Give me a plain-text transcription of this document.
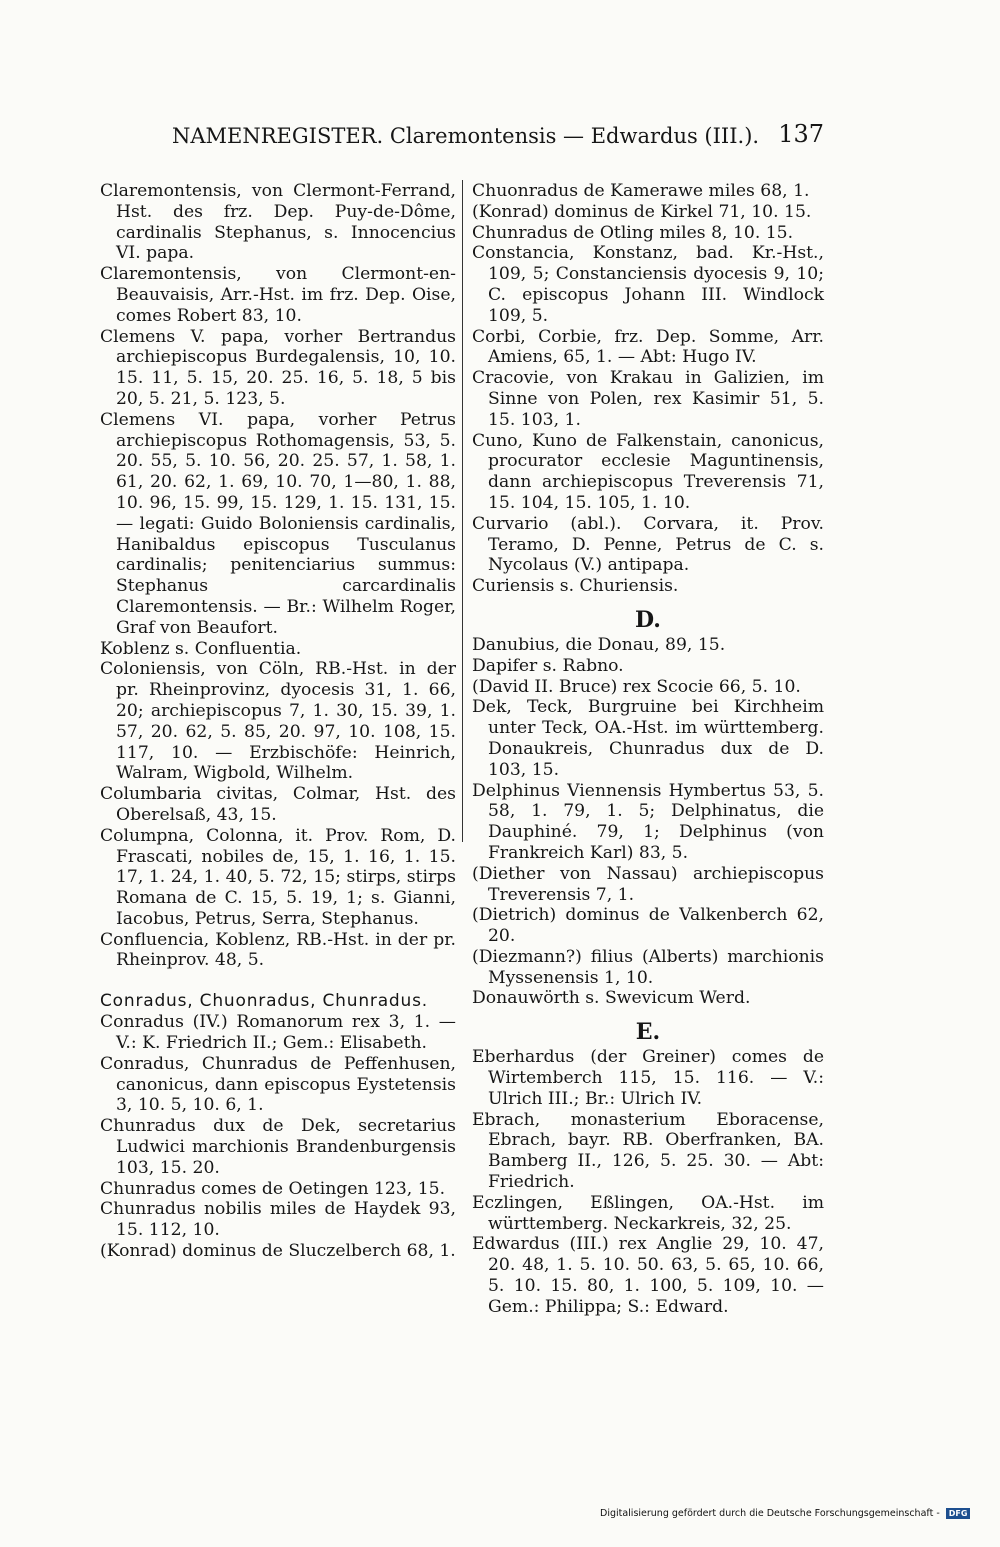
NAMENREGISTER. Claremontensis — Edwardus (III.). 137

Claremontensis, von Clermont-Ferrand, Hst. des frz. Dep. Puy-de-Dôme, cardinalis Stephanus, s. Innocencius VI. papa.

Claremontensis, von Clermont-en-Beauvaisis, Arr.-Hst. im frz. Dep. Oise, comes Robert 83, 10.

Clemens V. papa, vorher Bertrandus archiepiscopus Burdegalensis, 10, 10. 15. 11, 5. 15, 20. 25. 16, 5. 18, 5 bis 20, 5. 21, 5. 123, 5.

Clemens VI. papa, vorher Petrus archiepiscopus Rothomagensis, 53, 5. 20. 55, 5. 10. 56, 20. 25. 57, 1. 58, 1. 61, 20. 62, 1. 69, 10. 70, 1—80, 1. 88, 10. 96, 15. 99, 15. 129, 1. 15. 131, 15. — legati: Guido Boloniensis cardinalis, Hanibaldus episcopus Tusculanus cardinalis; penitenciarius summus: Stephanus carcardinalis Claremontensis. — Br.: Wilhelm Roger, Graf von Beaufort.

Koblenz s. Confluentia.

Coloniensis, von Cöln, RB.-Hst. in der pr. Rheinprovinz, dyocesis 31, 1. 66, 20; archiepiscopus 7, 1. 30, 15. 39, 1. 57, 20. 62, 5. 85, 20. 97, 10. 108, 15. 117, 10. — Erzbischöfe: Heinrich, Walram, Wigbold, Wilhelm.

Columbaria civitas, Colmar, Hst. des Oberelsaß, 43, 15.

Columpna, Colonna, it. Prov. Rom, D. Frascati, nobiles de, 15, 1. 16, 1. 15. 17, 1. 24, 1. 40, 5. 72, 15; stirps, stirps Romana de C. 15, 5. 19, 1; s. Gianni, Iacobus, Petrus, Serra, Stephanus.

Confluencia, Koblenz, RB.-Hst. in der pr. Rheinprov. 48, 5.

Conradus, Chuonradus, Chunradus.

Conradus (IV.) Romanorum rex 3, 1. — V.: K. Friedrich II.; Gem.: Elisabeth.

Conradus, Chunradus de Peffenhusen, canonicus, dann episcopus Eystetensis 3, 10. 5, 10. 6, 1.

Chunradus dux de Dek, secretarius Ludwici marchionis Brandenburgensis 103, 15. 20.

Chunradus comes de Oetingen 123, 15.

Chunradus nobilis miles de Haydek 93, 15. 112, 10.

(Konrad) dominus de Sluczelberch 68, 1.

Chuonradus de Kamerawe miles 68, 1.

(Konrad) dominus de Kirkel 71, 10. 15.

Chunradus de Otling miles 8, 10. 15.

Constancia, Konstanz, bad. Kr.-Hst., 109, 5; Constanciensis dyocesis 9, 10; C. episcopus Johann III. Windlock 109, 5.

Corbi, Corbie, frz. Dep. Somme, Arr. Amiens, 65, 1. — Abt: Hugo IV.

Cracovie, von Krakau in Galizien, im Sinne von Polen, rex Kasimir 51, 5. 15. 103, 1.

Cuno, Kuno de Falkenstain, canonicus, procurator ecclesie Maguntinensis, dann archiepiscopus Treverensis 71, 15. 104, 15. 105, 1. 10.

Curvario (abl.). Corvara, it. Prov. Teramo, D. Penne, Petrus de C. s. Nycolaus (V.) antipapa.

Curiensis s. Churiensis.

D.

Danubius, die Donau, 89, 15.

Dapifer s. Rabno.

(David II. Bruce) rex Scocie 66, 5. 10.

Dek, Teck, Burgruine bei Kirchheim unter Teck, OA.-Hst. im württemberg. Donaukreis, Chunradus dux de D. 103, 15.

Delphinus Viennensis Hymbertus 53, 5. 58, 1. 79, 1. 5; Delphinatus, die Dauphiné. 79, 1; Delphinus (von Frankreich Karl) 83, 5.

(Diether von Nassau) archiepiscopus Treverensis 7, 1.

(Dietrich) dominus de Valkenberch 62, 20.

(Diezmann?) filius (Alberts) marchionis Myssenensis 1, 10.

Donauwörth s. Swevicum Werd.

E.

Eberhardus (der Greiner) comes de Wirtemberch 115, 15. 116. — V.: Ulrich III.; Br.: Ulrich IV.

Ebrach, monasterium Eboracense, Ebrach, bayr. RB. Oberfranken, BA. Bamberg II., 126, 5. 25. 30. — Abt: Friedrich.

Eczlingen, Eßlingen, OA.-Hst. im württemberg. Neckarkreis, 32, 25.

Edwardus (III.) rex Anglie 29, 10. 47, 20. 48, 1. 5. 10. 50. 63, 5. 65, 10. 66, 5. 10. 15. 80, 1. 100, 5. 109, 10. — Gem.: Philippa; S.: Edward.

Digitalisierung gefördert durch die Deutsche Forschungsgemeinschaft - DFG
